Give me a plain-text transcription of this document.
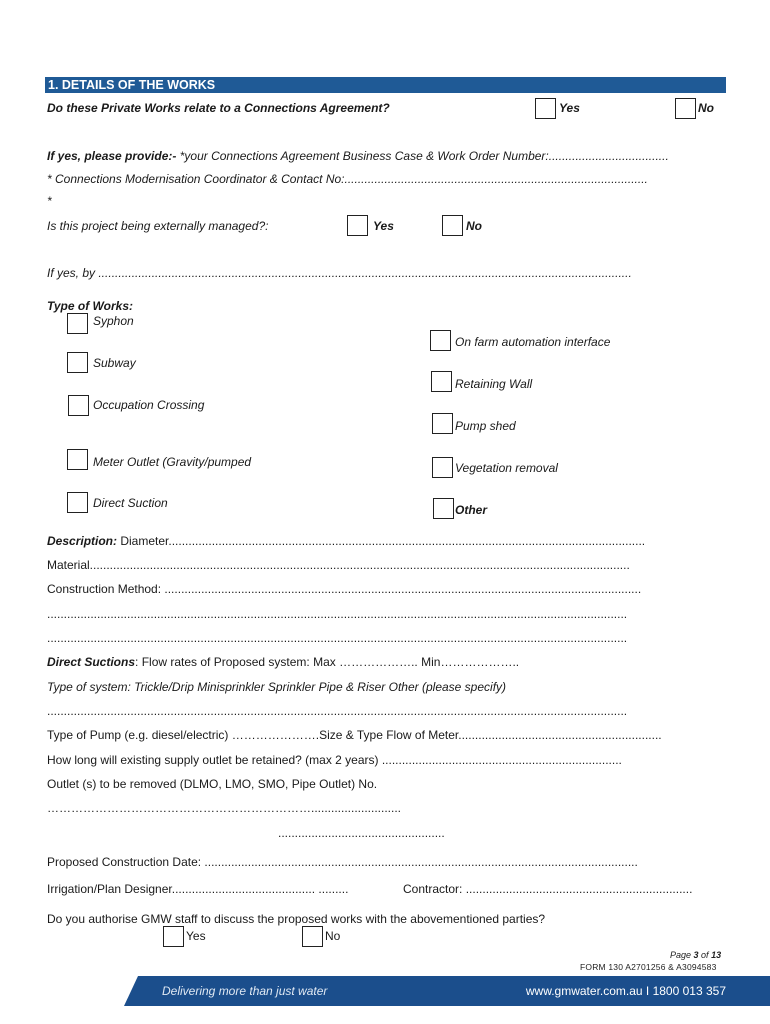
1. DETAILS OF THE WORKS
Do these Private Works relate to a Connections Agreement?	Yes	No
If yes, please provide:- *your Connections Agreement Business Case & Work Order Number:....................................
* Connections Modernisation Coordinator & Contact No:...........................................................................................
*
Is this project being externally managed?:	Yes	No
If yes, by ................................................................................................................................................................
Type of Works:
Syphon
Subway
Occupation Crossing
Meter Outlet (Gravity/pumped
Direct Suction
On farm automation interface
Retaining Wall
Pump shed
Vegetation removal
Other
Description: Diameter...............................................................................................................................................
Material..................................................................................................................................................................
Construction Method: ...............................................................................................................................................
..............................................................................................................................................................................
..............................................................................................................................................................................
Direct Suctions: Flow rates of Proposed system: Max ……………….. Min………………..
Type of system: Trickle/Drip Minisprinkler Sprinkler Pipe & Riser Other (please specify)
..............................................................................................................................................................................
Type of Pump (e.g. diesel/electric) ………………….Size & Type Flow of Meter.............................................................
How long will existing supply outlet be retained? (max 2 years) ........................................................................
Outlet (s) to be removed (DLMO, LMO, SMO, Pipe Outlet) No.
…………………………………………………………...........................
..................................................
Proposed Construction Date: ..................................................................................................................................
Irrigation/Plan Designer........................................... .........	Contractor: ....................................................................
Do you authorise GMW staff to discuss the proposed works with the abovementioned parties?
Yes	No
Page 3 of 13
FORM 130 A2701256 & A3094583
Delivering more than just water	www.gmwater.com.au I 1800 013 357
